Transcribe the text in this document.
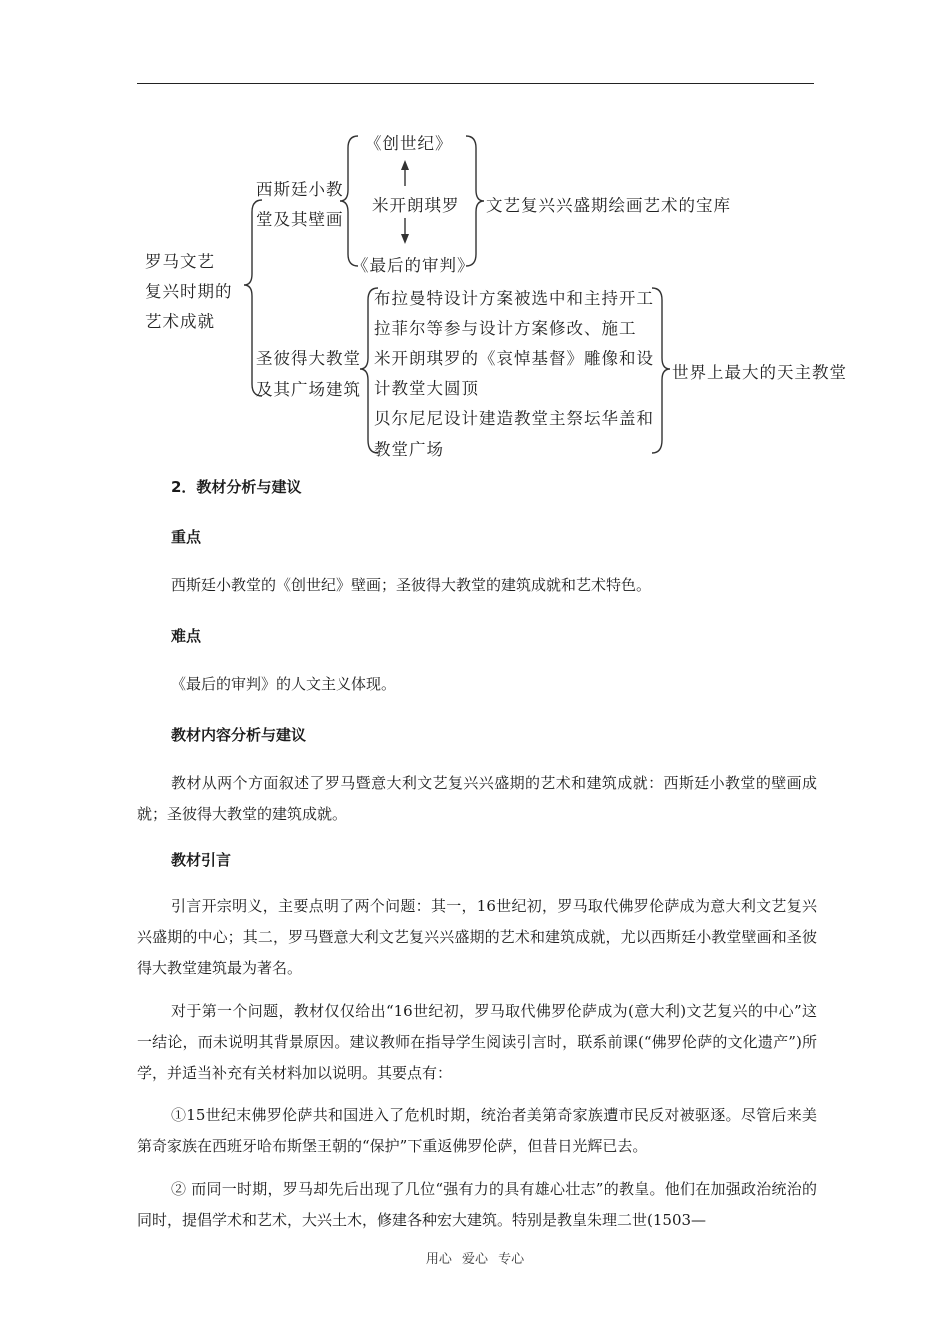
罗马文艺
复兴时期的
艺术成就
西斯廷小教
堂及其壁画
《创世纪》
米开朗琪罗
《最后的审判》
文艺复兴兴盛期绘画艺术的宝库
圣彼得大教堂
及其广场建筑
布拉曼特设计方案被选中和主持开工
拉菲尔等参与设计方案修改、施工
米开朗琪罗的《哀悼基督》雕像和设
计教堂大圆顶
贝尔尼尼设计建造教堂主祭坛华盖和
教堂广场
世界上最大的天主教堂
2．教材分析与建议
重点
西斯廷小教堂的《创世纪》壁画；圣彼得大教堂的建筑成就和艺术特色。
难点
《最后的审判》的人文主义体现。
教材内容分析与建议
教材从两个方面叙述了罗马暨意大利文艺复兴兴盛期的艺术和建筑成就：西斯廷小教堂的壁画成就；圣彼得大教堂的建筑成就。
教材引言
引言开宗明义，主要点明了两个问题：其一，16世纪初，罗马取代佛罗伦萨成为意大利文艺复兴兴盛期的中心；其二，罗马暨意大利文艺复兴兴盛期的艺术和建筑成就，尤以西斯廷小教堂壁画和圣彼得大教堂建筑最为著名。
对于第一个问题，教材仅仅给出“16世纪初，罗马取代佛罗伦萨成为(意大利)文艺复兴的中心”这一结论，而未说明其背景原因。建议教师在指导学生阅读引言时，联系前课(“佛罗伦萨的文化遗产”)所学，并适当补充有关材料加以说明。其要点有：
①15世纪末佛罗伦萨共和国进入了危机时期，统治者美第奇家族遭市民反对被驱逐。尽管后来美第奇家族在西班牙哈布斯堡王朝的“保护”下重返佛罗伦萨，但昔日光辉已去。
② 而同一时期，罗马却先后出现了几位“强有力的具有雄心壮志”的教皇。他们在加强政治统治的同时，提倡学术和艺术，大兴土木，修建各种宏大建筑。特别是教皇朱理二世(1503—
用心 爱心 专心
